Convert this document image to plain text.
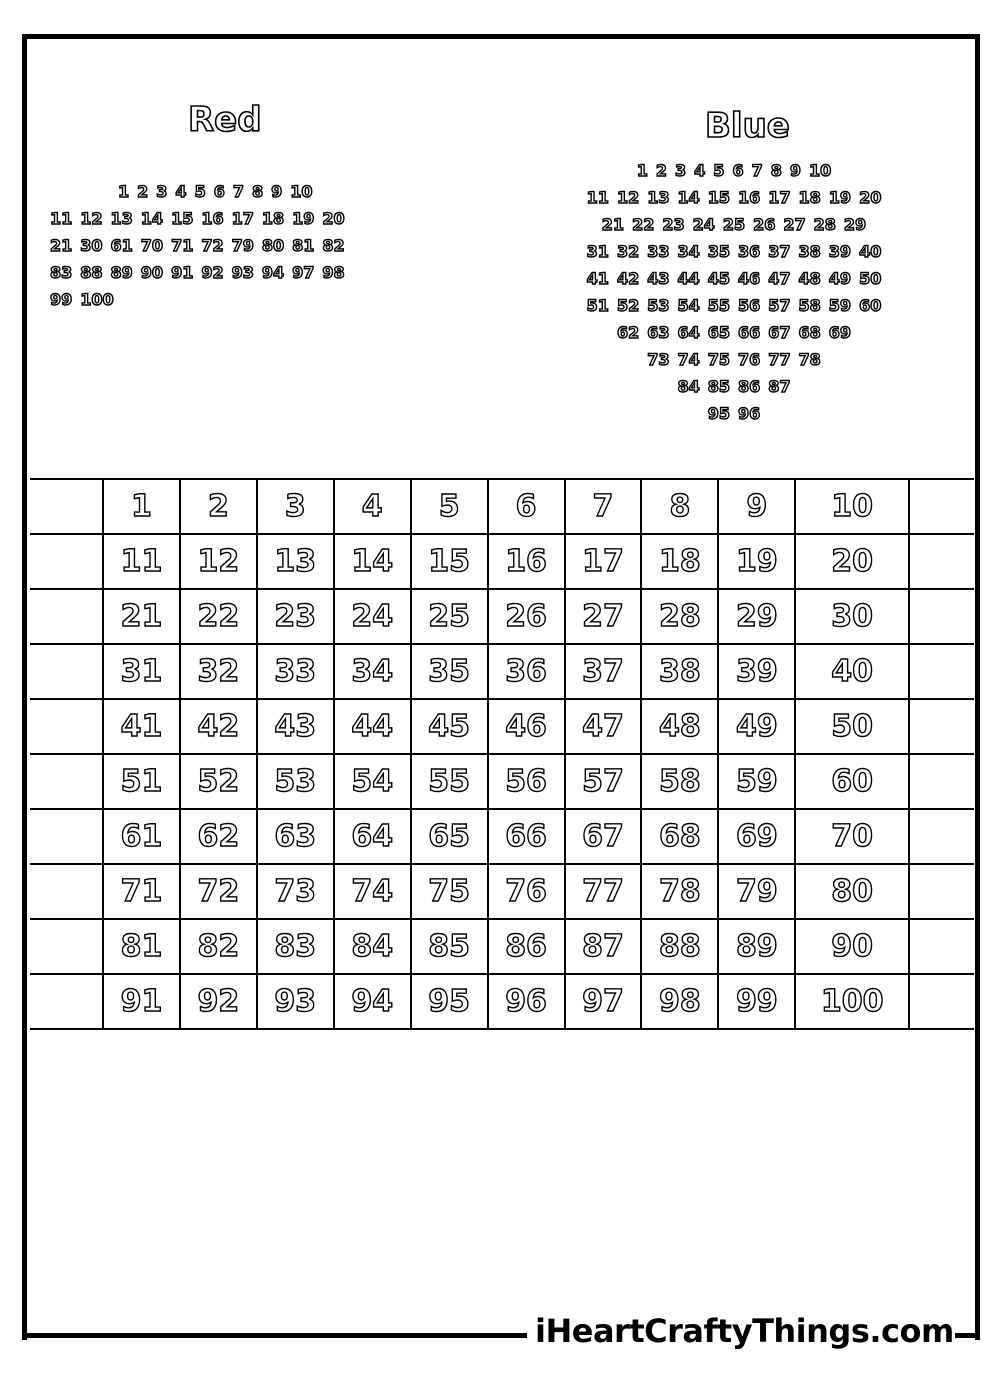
Red
1 2 3 4 5 6 7 8 9 10
11 12 13 14 15 16 17 18 19 20
21 30 61 70 71 72 79 80 81 82
83 88 89 90 91 92 93 94 97 98
99 100
Blue
1 2 3 4 5 6 7 8 9 10
11 12 13 14 15 16 17 18 19 20
21 22 23 24 25 26 27 28 29
31 32 33 34 35 36 37 38 39 40
41 42 43 44 45 46 47 48 49 50
51 52 53 54 55 56 57 58 59 60
62 63 64 65 66 67 68 69
73 74 75 76 77 78
84 85 86 87
95 96
	1	2	3	4	5	6	7	8	9	10	
	11	12	13	14	15	16	17	18	19	20	
	21	22	23	24	25	26	27	28	29	30	
	31	32	33	34	35	36	37	38	39	40	
	41	42	43	44	45	46	47	48	49	50	
	51	52	53	54	55	56	57	58	59	60	
	61	62	63	64	65	66	67	68	69	70	
	71	72	73	74	75	76	77	78	79	80	
	81	82	83	84	85	86	87	88	89	90	
	91	92	93	94	95	96	97	98	99	100	
iHeartCraftyThings.com
